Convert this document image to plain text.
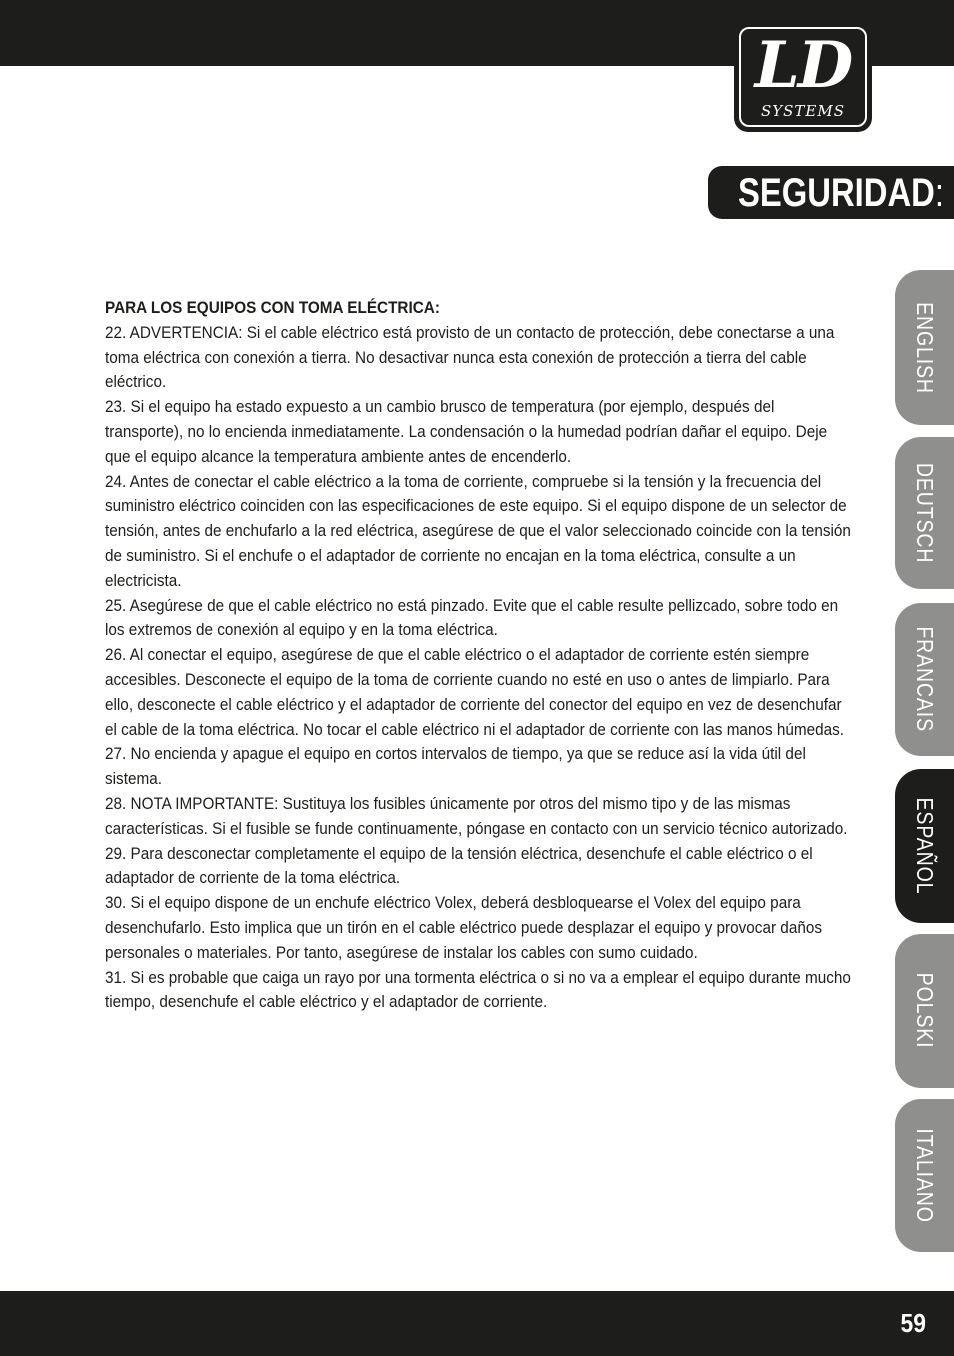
LD
SYSTEMS
SEGURIDAD:
ENGLISH
DEUTSCH
FRANCAIS
ESPAÑOL
POLSKI
ITALIANO

PARA LOS EQUIPOS CON TOMA ELÉCTRICA:

22. ADVERTENCIA: Si el cable eléctrico está provisto de un contacto de protección, debe conectarse a una toma eléctrica con conexión a tierra. No desactivar nunca esta conexión de protección a tierra del cable eléctrico.

23. Si el equipo ha estado expuesto a un cambio brusco de temperatura (por ejemplo, después del transporte), no lo encienda inmediatamente. La condensación o la humedad podrían dañar el equipo. Deje que el equipo alcance la temperatura ambiente antes de encenderlo.

24. Antes de conectar el cable eléctrico a la toma de corriente, compruebe si la tensión y la frecuencia del suministro eléctrico coinciden con las especificaciones de este equipo. Si el equipo dispone de un selector de tensión, antes de enchufarlo a la red eléctrica, asegúrese de que el valor seleccionado coincide con la tensión de suministro. Si el enchufe o el adaptador de corriente no encajan en la toma eléctrica, consulte a un electricista.

25. Asegúrese de que el cable eléctrico no está pinzado. Evite que el cable resulte pellizcado, sobre todo en los extremos de conexión al equipo y en la toma eléctrica.

26. Al conectar el equipo, asegúrese de que el cable eléctrico o el adaptador de corriente estén siempre accesibles. Desconecte el equipo de la toma de corriente cuando no esté en uso o antes de limpiarlo. Para ello, desconecte el cable eléctrico y el adaptador de corriente del conector del equipo en vez de desenchufar el cable de la toma eléctrica. No tocar el cable eléctrico ni el adaptador de corriente con las manos húmedas.

27. No encienda y apague el equipo en cortos intervalos de tiempo, ya que se reduce así la vida útil del sistema.

28. NOTA IMPORTANTE: Sustituya los fusibles únicamente por otros del mismo tipo y de las mismas características. Si el fusible se funde continuamente, póngase en contacto con un servicio técnico autorizado.

29. Para desconectar completamente el equipo de la tensión eléctrica, desenchufe el cable eléctrico o el adaptador de corriente de la toma eléctrica.

30. Si el equipo dispone de un enchufe eléctrico Volex, deberá desbloquearse el Volex del equipo para desenchufarlo. Esto implica que un tirón en el cable eléctrico puede desplazar el equipo y provocar daños personales o materiales. Por tanto, asegúrese de instalar los cables con sumo cuidado.

31. Si es probable que caiga un rayo por una tormenta eléctrica o si no va a emplear el equipo durante mucho tiempo, desenchufe el cable eléctrico y el adaptador de corriente.

59
